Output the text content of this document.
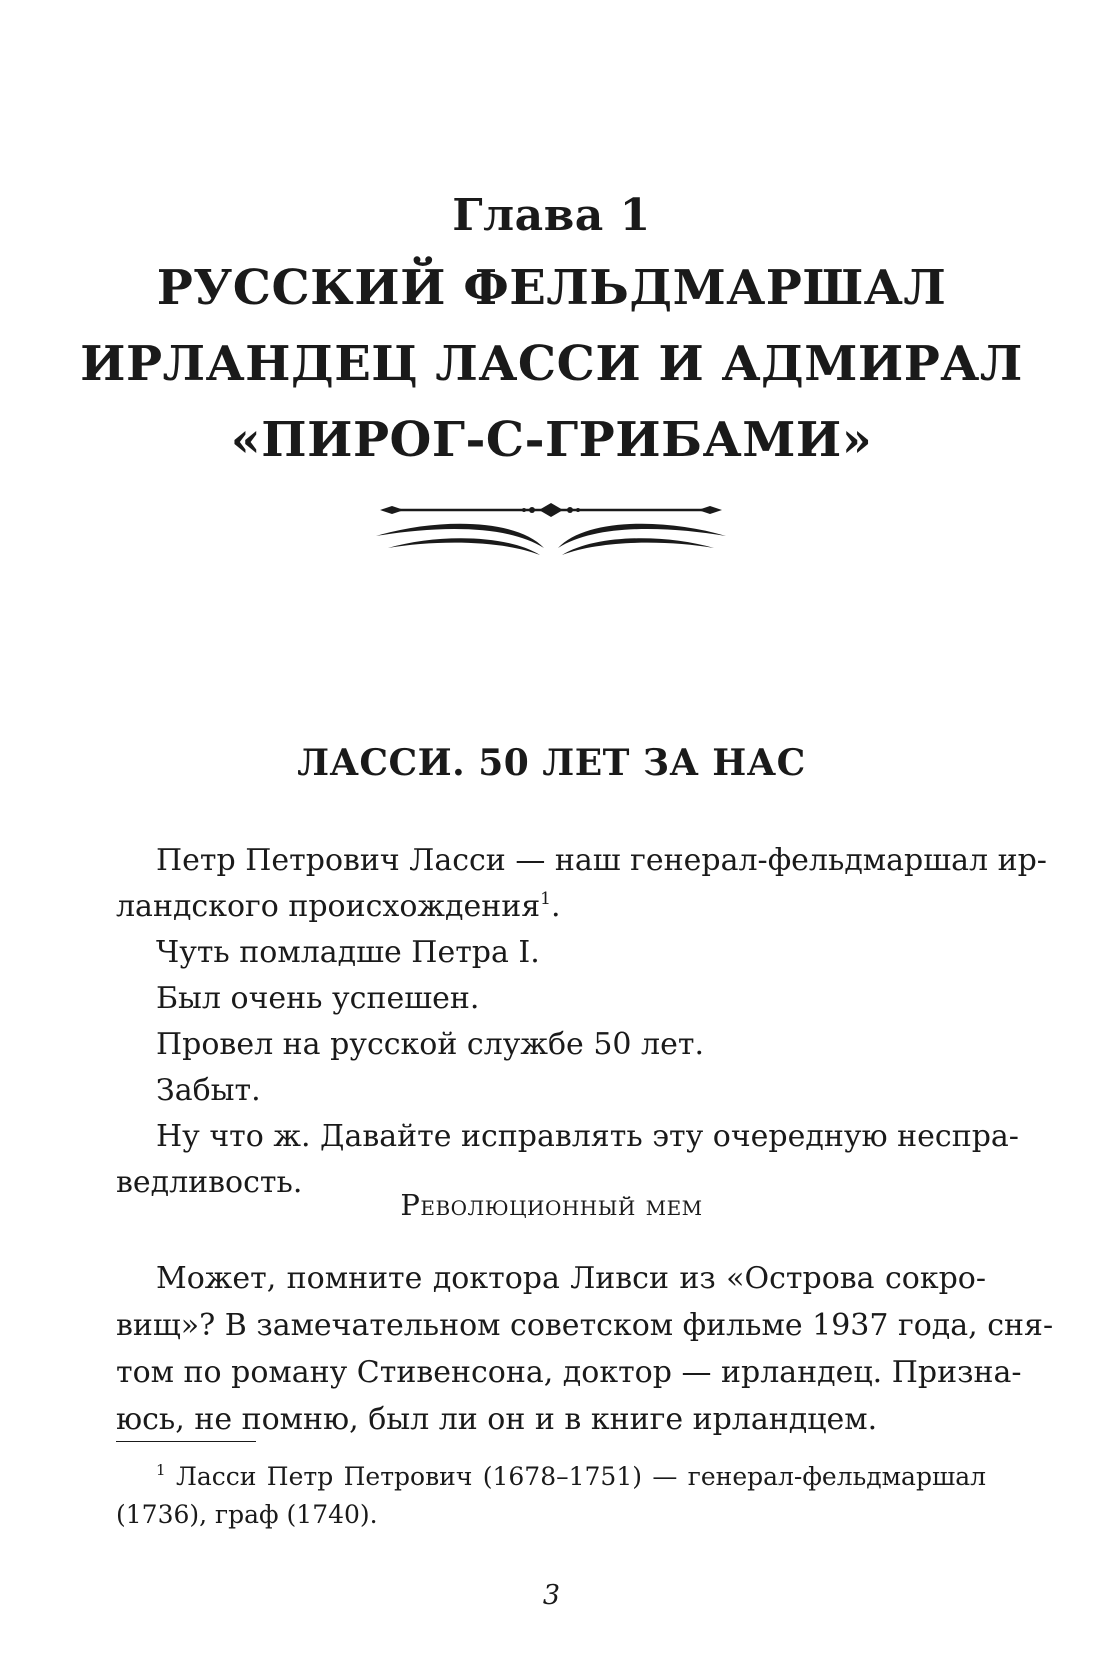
Глава 1
РУССКИЙ ФЕЛЬДМАРШАЛ
ИРЛАНДЕЦ ЛАССИ И АДМИРАЛ
«ПИРОГ-С-ГРИБАМИ»
ЛАССИ. 50 ЛЕТ ЗА НАС
Петр Петрович Ласси — наш генерал-фельдмаршал ир-
ландского происхождения$^1$.
Чуть помладше Петра I.
Был очень успешен.
Провел на русской службе 50 лет.
Забыт.
Ну что ж. Давайте исправлять эту очередную неспра-
ведливость.
Революционный мем
Может, помните доктора Ливси из «Острова сокро-
вищ»? В замечательном советском фильме 1937 года, сня-
том по роману Стивенсона, доктор — ирландец. Призна-
юсь, не помню, был ли он и в книге ирландцем.
$^1$ Ласси Петр Петрович (1678–1751) — генерал-фельдмаршал
(1736), граф (1740).
3
